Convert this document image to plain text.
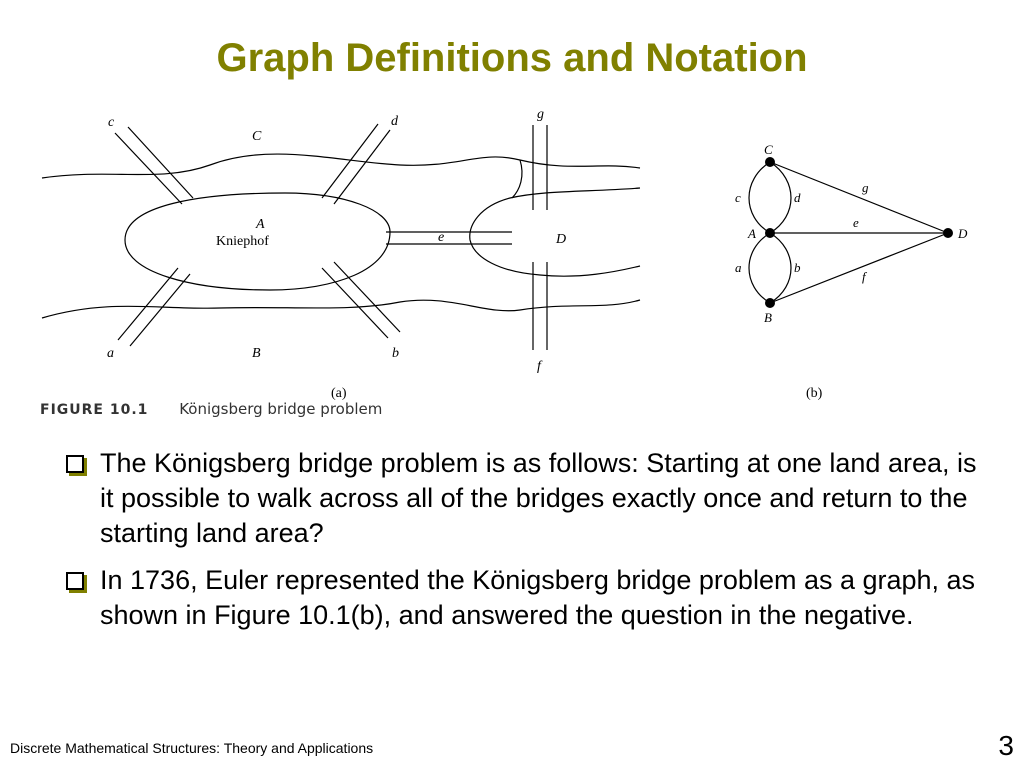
Graph Definitions and Notation
c
C
d	g
A
e	D
a	B	b
f
Kniephof
C
c	d
A
e
g
D
a	b
f
B
(a)	(b)
FIGURE 10.1 Königsberg bridge problem
The Königsberg bridge problem is as follows: Starting at one land area, is it possible to walk across all of the bridges exactly once and return to the starting land area?
In 1736, Euler represented the Königsberg bridge problem as a graph, as shown in Figure 10.1(b), and answered the question in the negative.
Discrete Mathematical Structures: Theory and Applications	3
